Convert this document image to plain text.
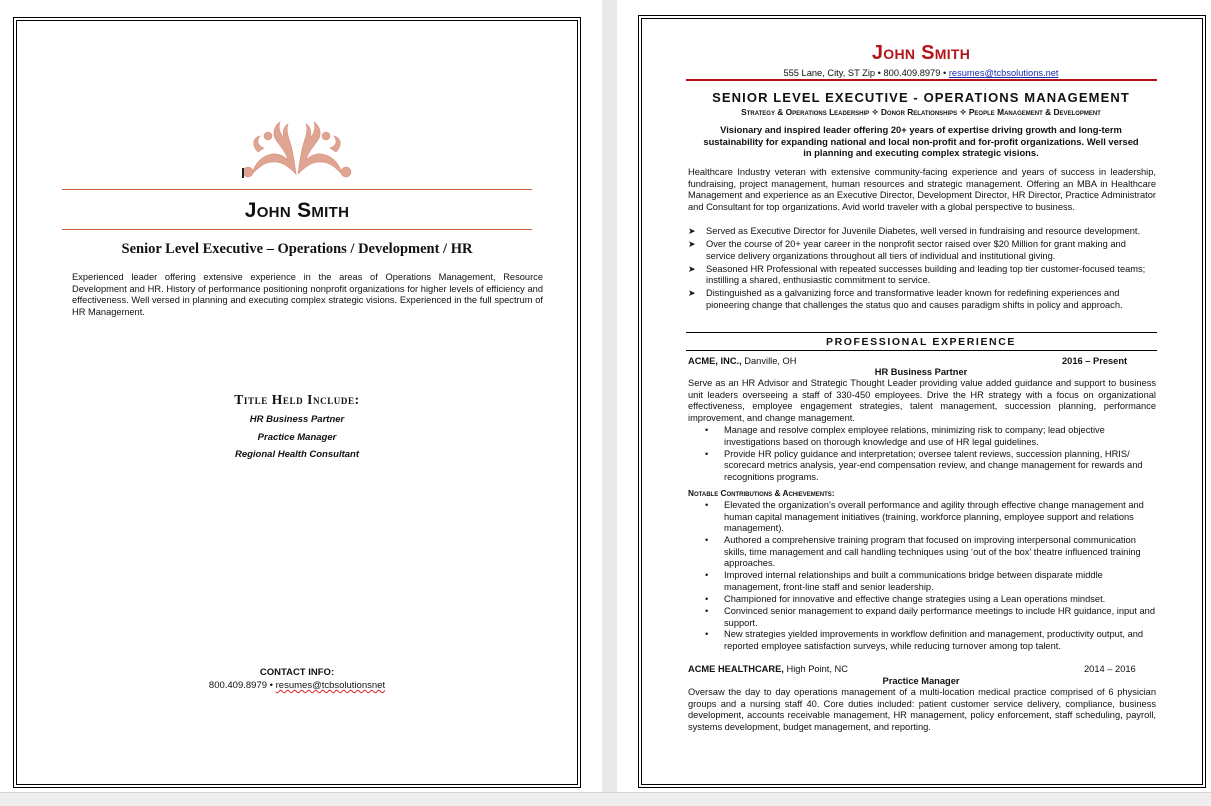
John Smith
Senior Level Executive – Operations / Development / HR
Experienced leader offering extensive experience in the areas of Operations Management, Resource Development and HR. History of performance positioning nonprofit organizations for higher levels of efficiency and effectiveness. Well versed in planning and executing complex strategic visions. Experienced in the full spectrum of HR Management.
Title Held Include:
HR Business Partner
Practice Manager
Regional Health Consultant
CONTACT INFO:
800.409.8979 • resumes@tcbsolutionsnet
John Smith
555 Lane, City, ST Zip • 800.409.8979 • resumes@tcbsolutions.net
SENIOR LEVEL EXECUTIVE - OPERATIONS MANAGEMENT
Strategy & Operations Leadership ✧ Donor Relationships ✧ People Management & Development
Visionary and inspired leader offering 20+ years of expertise driving growth and long-term sustainability for expanding national and local non-profit and for-profit organizations. Well versed in planning and executing complex strategic visions.
Healthcare Industry veteran with extensive community-facing experience and years of success in leadership, fundraising, project management, human resources and strategic management. Offering an MBA in Healthcare Management and experience as an Executive Director, Development Director, HR Director, Practice Administrator and Consultant for top organizations. Avid world traveler with a global perspective to business.
➤ Served as Executive Director for Juvenile Diabetes, well versed in fundraising and resource development.
➤ Over the course of 20+ year career in the nonprofit sector raised over $20 Million for grant making and service delivery organizations throughout all tiers of individual and institutional giving.
➤ Seasoned HR Professional with repeated successes building and leading top tier customer-focused teams; instilling a shared, enthusiastic commitment to service.
➤ Distinguished as a galvanizing force and transformative leader known for redefining experiences and pioneering change that challenges the status quo and causes paradigm shifts in policy and approach.
PROFESSIONAL EXPERIENCE
ACME, INC., Danville, OH	2016 – Present
HR Business Partner
Serve as an HR Advisor and Strategic Thought Leader providing value added guidance and support to business unit leaders overseeing a staff of 330-450 employees. Drive the HR strategy with a focus on organizational effectiveness, employee engagement strategies, talent management, succession planning, performance improvement, and change management.
• Manage and resolve complex employee relations, minimizing risk to company; lead objective investigations based on thorough knowledge and use of HR legal guidelines.
• Provide HR policy guidance and interpretation; oversee talent reviews, succession planning, HRIS/ scorecard metrics analysis, year-end compensation review, and change management for rewards and recognitions programs.
Notable Contributions & Achievements:
• Elevated the organization’s overall performance and agility through effective change management and human capital management initiatives (training, workforce planning, employee support and relations management).
• Authored a comprehensive training program that focused on improving interpersonal communication skills, time management and call handling techniques using ‘out of the box’ theatre influenced training approaches.
• Improved internal relationships and built a communications bridge between disparate middle management, front-line staff and senior leadership.
• Championed for innovative and effective change strategies using a Lean operations mindset.
• Convinced senior management to expand daily performance meetings to include HR guidance, input and support.
• New strategies yielded improvements in workflow definition and management, productivity output, and reported employee satisfaction surveys, while reducing turnover among top talent.
ACME HEALTHCARE, High Point, NC	2014 – 2016
Practice Manager
Oversaw the day to day operations management of a multi-location medical practice comprised of 6 physician groups and a nursing staff 40. Core duties included: patient customer service delivery, compliance, business development, accounts receivable management, HR management, policy enforcement, staff scheduling, payroll, systems development, budget management, and reporting.
